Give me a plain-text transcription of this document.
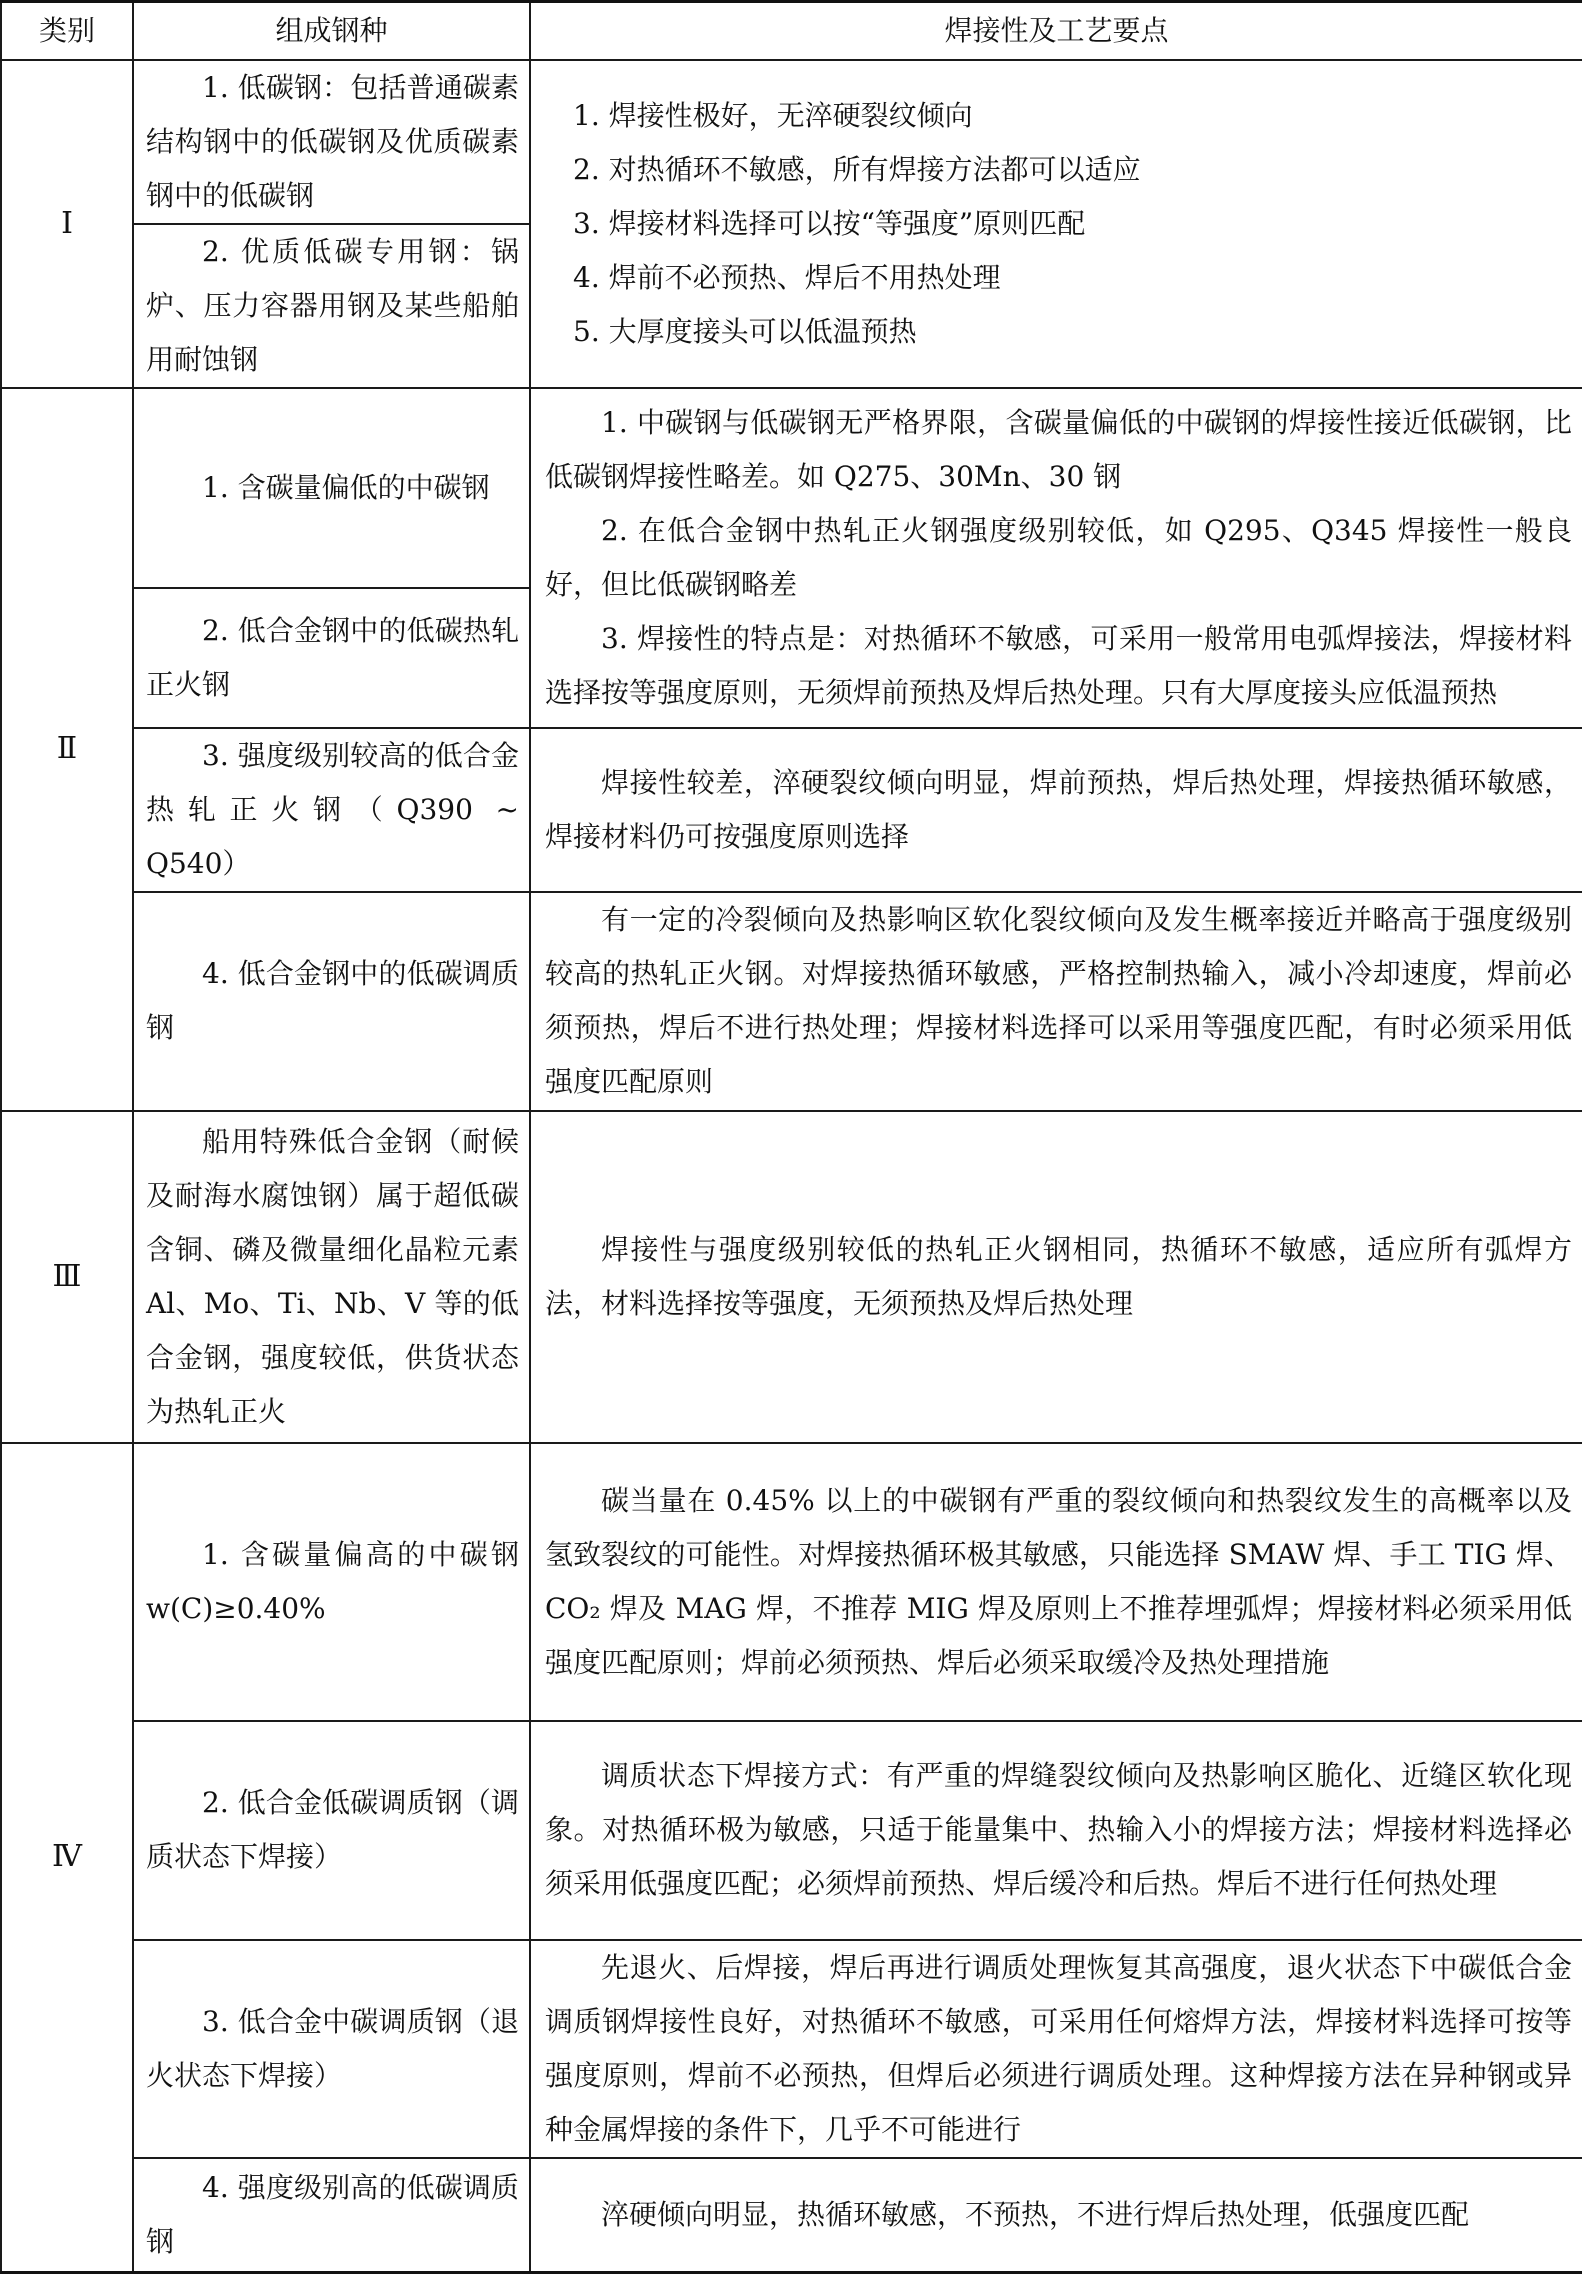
类别	组成钢种	焊接性及工艺要点
Ⅰ	1. 低碳钢：包括普通碳素结构钢中的低碳钢及优质碳素钢中的低碳钢	1. 焊接性极好，无淬硬裂纹倾向
2. 对热循环不敏感，所有焊接方法都可以适应
3. 焊接材料选择可以按“等强度”原则匹配
4. 焊前不必预热、焊后不用热处理
5. 大厚度接头可以低温预热

	2. 优质低碳专用钢：锅炉、压力容器用钢及某些船舶用耐蚀钢	

Ⅱ	1. 含碳量偏低的中碳钢	1. 中碳钢与低碳钢无严格界限，含碳量偏低的中碳钢的焊接性接近低碳钢，比低碳钢焊接性略差。如 Q275、30Mn、30 钢
2. 在低合金钢中热轧正火钢强度级别较低，如 Q295、Q345 焊接性一般良好，但比低碳钢略差
3. 焊接性的特点是：对热循环不敏感，可采用一般常用电弧焊接法，焊接材料选择按等强度原则，无须焊前预热及焊后热处理。只有大厚度接头应低温预热

	2. 低合金钢中的低碳热轧正火钢	

	3. 强度级别较高的低合金热轧正火钢（Q390 ~ Q540）	焊接性较差，淬硬裂纹倾向明显，焊前预热，焊后热处理，焊接热循环敏感，焊接材料仍可按强度原则选择

	4. 低合金钢中的低碳调质钢	有一定的冷裂倾向及热影响区软化裂纹倾向及发生概率接近并略高于强度级别较高的热轧正火钢。对焊接热循环敏感，严格控制热输入，减小冷却速度，焊前必须预热，焊后不进行热处理；焊接材料选择可以采用等强度匹配，有时必须采用低强度匹配原则

Ⅲ	船用特殊低合金钢（耐候及耐海水腐蚀钢）属于超低碳含铜、磷及微量细化晶粒元素 Al、Mo、Ti、Nb、V 等的低合金钢，强度较低，供货状态为热轧正火	焊接性与强度级别较低的热轧正火钢相同，热循环不敏感，适应所有弧焊方法，材料选择按等强度，无须预热及焊后热处理

Ⅳ	1. 含碳量偏高的中碳钢 w(C)≥0.40%	碳当量在 0.45% 以上的中碳钢有严重的裂纹倾向和热裂纹发生的高概率以及氢致裂纹的可能性。对焊接热循环极其敏感，只能选择 SMAW 焊、手工 TIG 焊、CO₂ 焊及 MAG 焊，不推荐 MIG 焊及原则上不推荐埋弧焊；焊接材料必须采用低强度匹配原则；焊前必须预热、焊后必须采取缓冷及热处理措施

	2. 低合金低碳调质钢（调质状态下焊接）	调质状态下焊接方式：有严重的焊缝裂纹倾向及热影响区脆化、近缝区软化现象。对热循环极为敏感，只适于能量集中、热输入小的焊接方法；焊接材料选择必须采用低强度匹配；必须焊前预热、焊后缓冷和后热。焊后不进行任何热处理

	3. 低合金中碳调质钢（退火状态下焊接）	先退火、后焊接，焊后再进行调质处理恢复其高强度，退火状态下中碳低合金调质钢焊接性良好，对热循环不敏感，可采用任何熔焊方法，焊接材料选择可按等强度原则，焊前不必预热，但焊后必须进行调质处理。这种焊接方法在异种钢或异种金属焊接的条件下，几乎不可能进行

	4. 强度级别高的低碳调质钢	淬硬倾向明显，热循环敏感，不预热，不进行焊后热处理，低强度匹配
